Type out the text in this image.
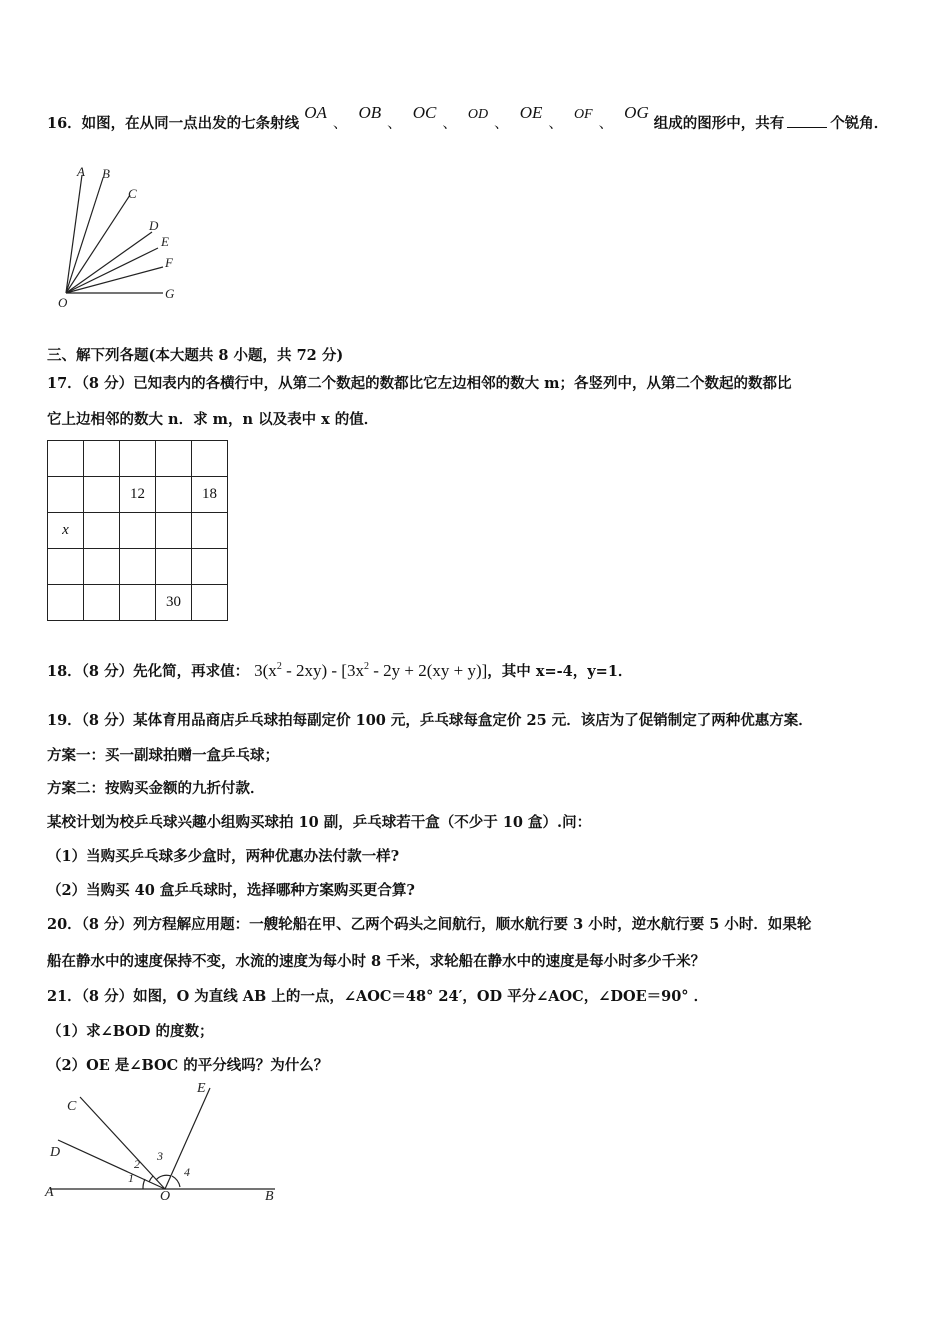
16．如图，在从同一点出发的七条射线 OA、 OB、 OC、 OD、 OE、 OF、 OG 组成的图形中，共有	个锐角．
A B
C
D
E
F
G
O
三、解下列各题(本大题共 8 小题，共 72 分)
17．（8 分）已知表内的各横行中，从第二个数起的数都比它左边相邻的数大 m；各竖列中，从第二个数起的数都比
它上边相邻的数大 n．求 m，n 以及表中 x 的值．

		12		18
x				

			30	
18．（8 分）先化简，再求值： $3(x^2 - 2xy) - [3x^2 - 2y + 2(xy + y)]$，其中 x=-4，y=1．
19．（8 分）某体育用品商店乒乓球拍每副定价 100 元，乒乓球每盒定价 25 元．该店为了促销制定了两种优惠方案．
方案一：买一副球拍赠一盒乒乓球；
方案二：按购买金额的九折付款．
某校计划为校乒乓球兴趣小组购买球拍 10 副，乒乓球若干盒（不少于 10 盒）.问：
（1）当购买乒乓球多少盒时，两种优惠办法付款一样?
（2）当购买 40 盒乒乓球时，选择哪种方案购买更合算?
20．（8 分）列方程解应用题：一艘轮船在甲、乙两个码头之间航行，顺水航行要 3 小时，逆水航行要 5 小时．如果轮
船在静水中的速度保持不变，水流的速度为每小时 8 千米，求轮船在静水中的速度是每小时多少千米？
21．（8 分）如图，O 为直线 AB 上的一点，∠AOC＝48° 24′，OD 平分∠AOC，∠DOE＝90° ．
（1）求∠BOD 的度数；
（2）OE 是∠BOC 的平分线吗？为什么？
C
D
A
E
B
O
1
2
3
4
